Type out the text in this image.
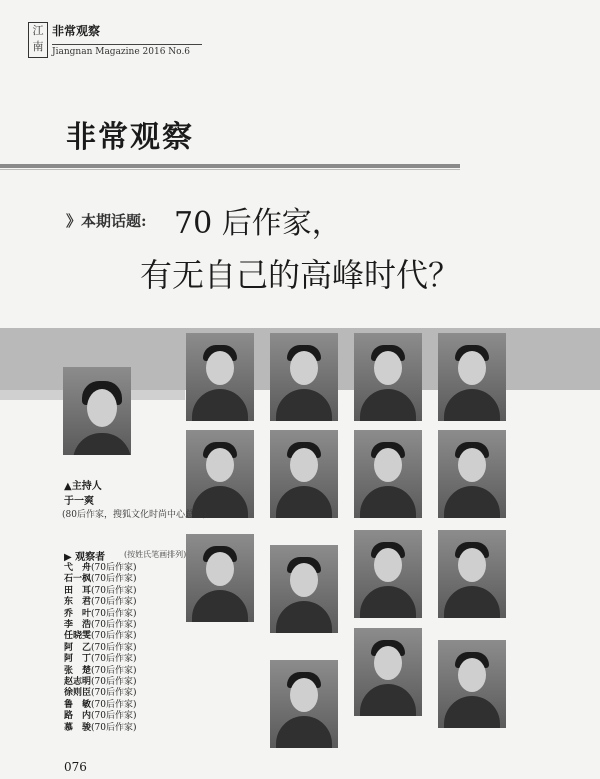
江南
非常观察
Jiangnan Magazine 2016 No.6
非常观察
》本期话题: 70 后作家，
有无自己的高峰时代？
▲主持人
于一爽
(80后作家，搜狐文化时尚中心总监)
▶ 观察者 (按姓氏笔画排列)
弋　舟(70后作家)
石一枫(70后作家)
田　耳(70后作家)
东　君(70后作家)
乔　叶(70后作家)
李　浩(70后作家)
任晓雯(70后作家)
阿　乙(70后作家)
阿　丁(70后作家)
张　楚(70后作家)
赵志明(70后作家)
徐则臣(70后作家)
鲁　敏(70后作家)
路　内(70后作家)
慕　骏(70后作家)
076
